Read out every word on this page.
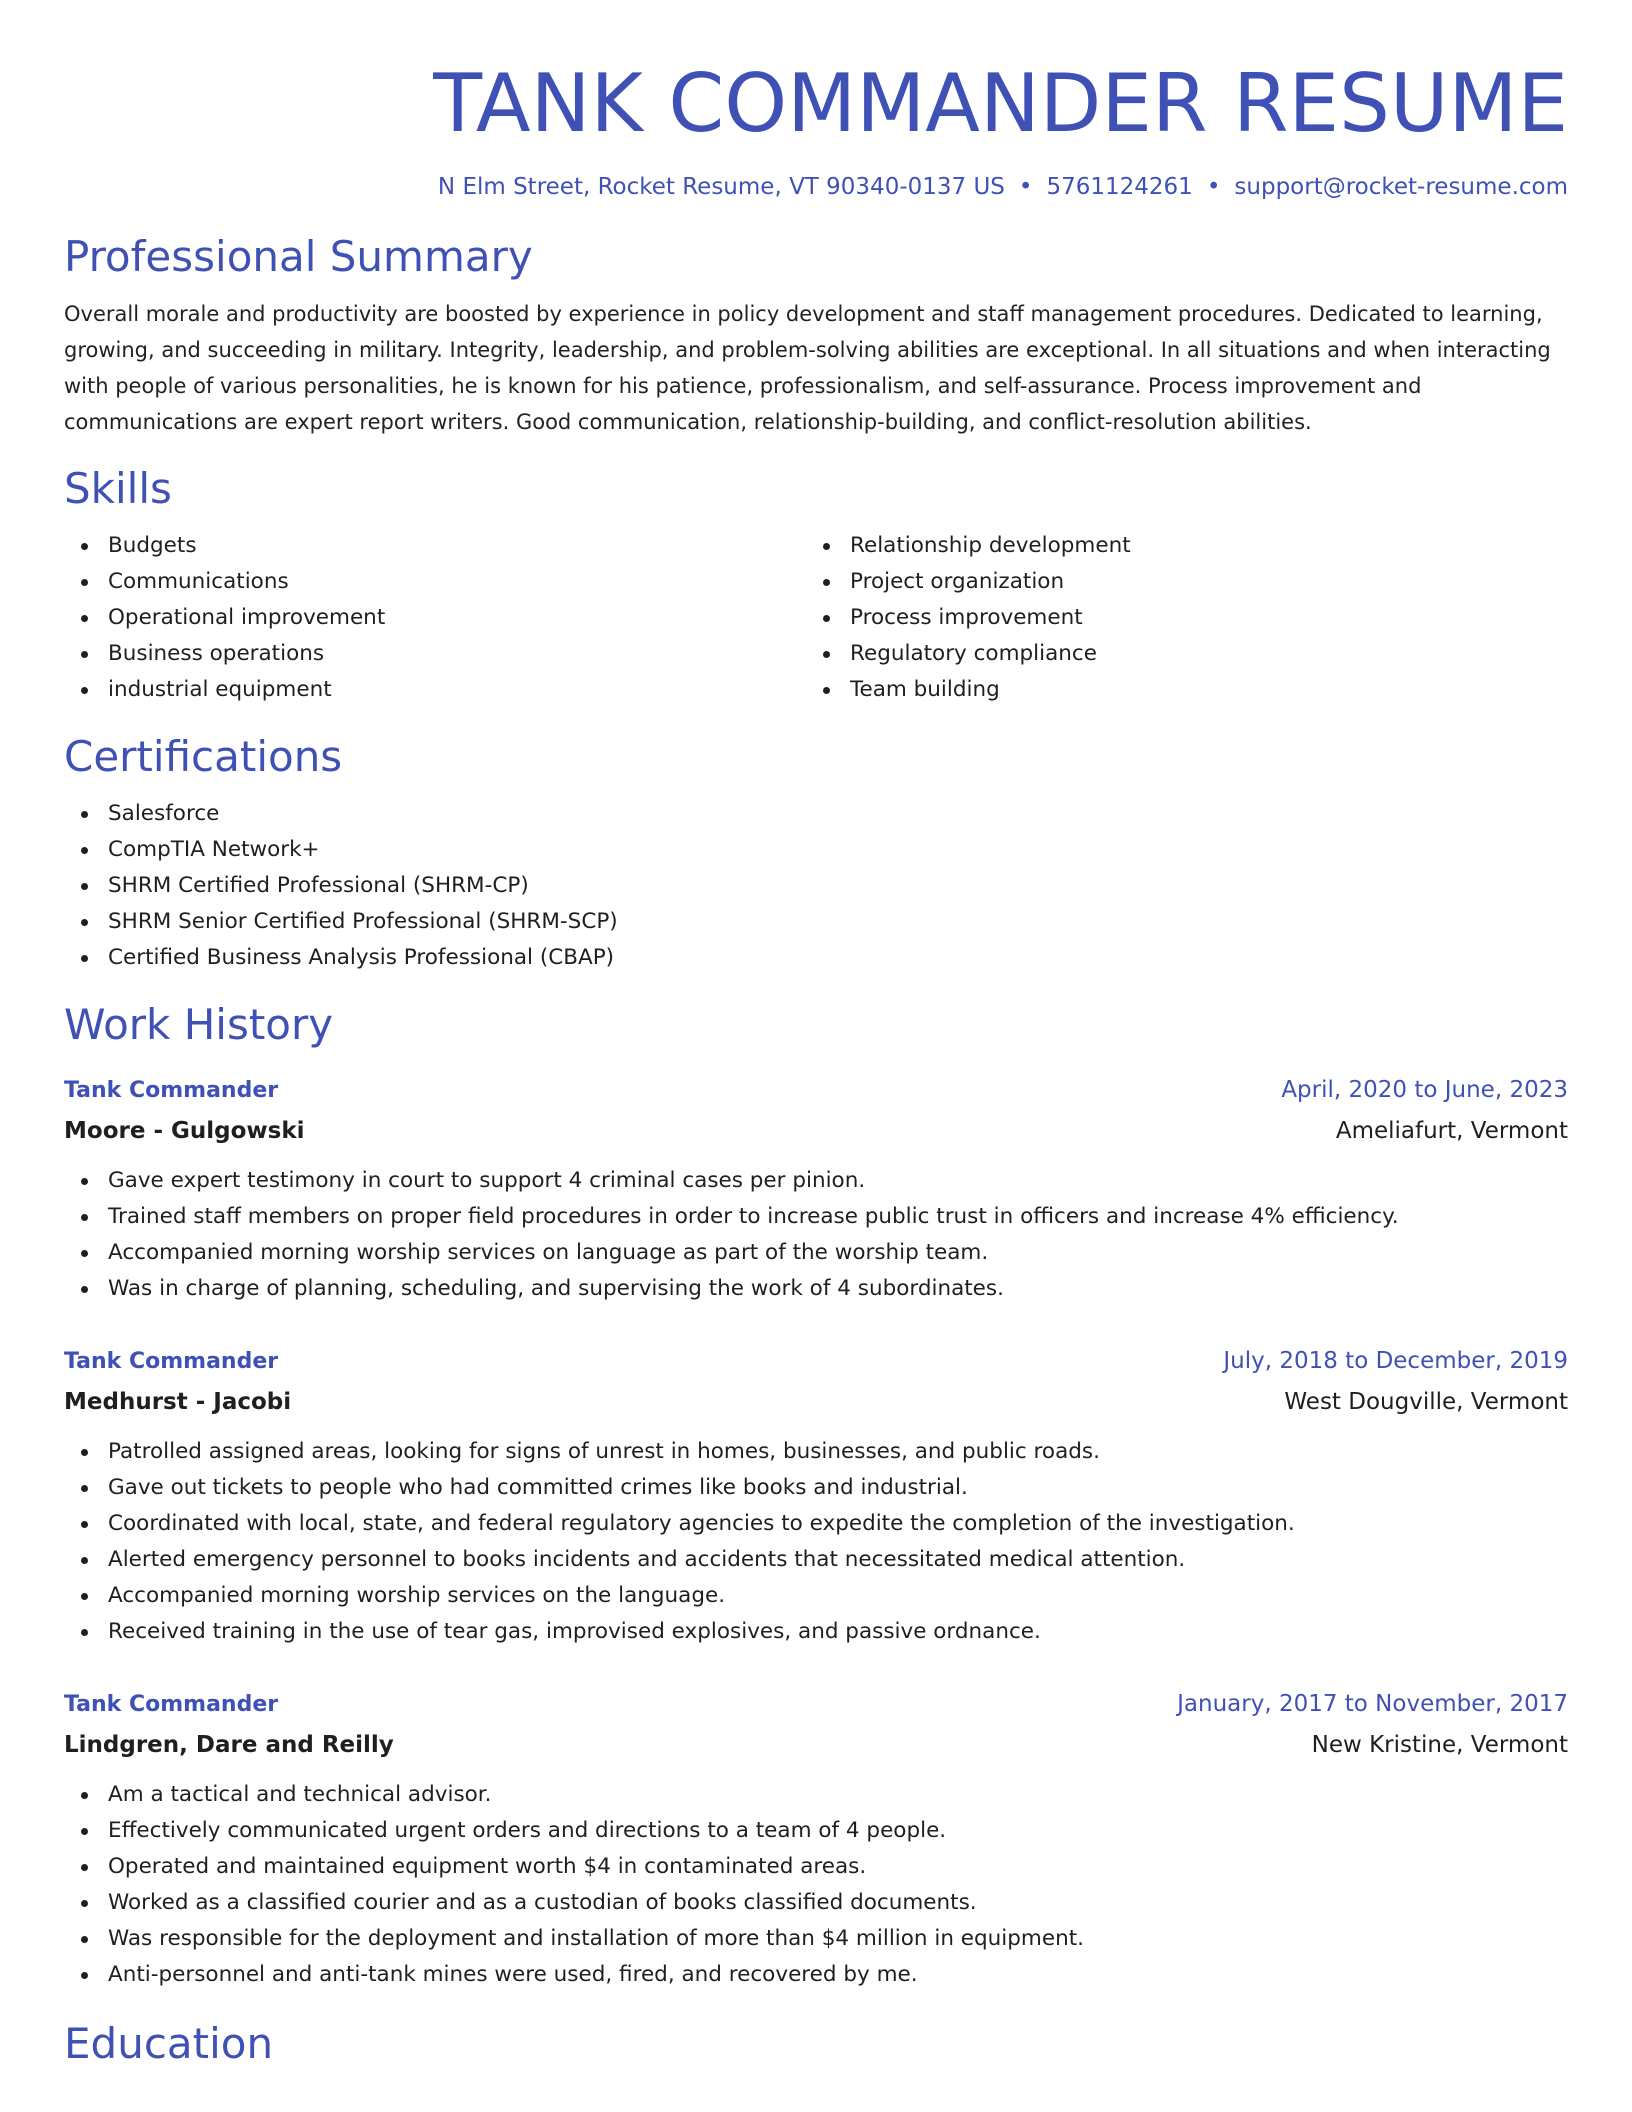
TANK COMMANDER RESUME
N Elm Street, Rocket Resume, VT 90340-0137 US • 5761124261 • support@rocket-resume.com
Professional Summary

Overall morale and productivity are boosted by experience in policy development and staff management procedures. Dedicated to learning, growing, and succeeding in military. Integrity, leadership, and problem-solving abilities are exceptional. In all situations and when interacting with people of various personalities, he is known for his patience, professionalism, and self-assurance. Process improvement and communications are expert report writers. Good communication, relationship-building, and conflict-resolution abilities.

Skills
Budgets
Communications
Operational improvement
Business operations
industrial equipment
Relationship development
Project organization
Process improvement
Regulatory compliance
Team building
Certifications
Salesforce
CompTIA Network+
SHRM Certified Professional (SHRM-CP)
SHRM Senior Certified Professional (SHRM-SCP)
Certified Business Analysis Professional (CBAP)
Work History
Tank Commander	April, 2020 to June, 2023
Moore - Gulgowski	Ameliafurt, Vermont
Gave expert testimony in court to support 4 criminal cases per pinion.
Trained staff members on proper field procedures in order to increase public trust in officers and increase 4% efficiency.
Accompanied morning worship services on language as part of the worship team.
Was in charge of planning, scheduling, and supervising the work of 4 subordinates.
Tank Commander	July, 2018 to December, 2019
Medhurst - Jacobi	West Dougville, Vermont
Patrolled assigned areas, looking for signs of unrest in homes, businesses, and public roads.
Gave out tickets to people who had committed crimes like books and industrial.
Coordinated with local, state, and federal regulatory agencies to expedite the completion of the investigation.
Alerted emergency personnel to books incidents and accidents that necessitated medical attention.
Accompanied morning worship services on the language.
Received training in the use of tear gas, improvised explosives, and passive ordnance.
Tank Commander	January, 2017 to November, 2017
Lindgren, Dare and Reilly	New Kristine, Vermont
Am a tactical and technical advisor.
Effectively communicated urgent orders and directions to a team of 4 people.
Operated and maintained equipment worth $4 in contaminated areas.
Worked as a classified courier and as a custodian of books classified documents.
Was responsible for the deployment and installation of more than $4 million in equipment.
Anti-personnel and anti-tank mines were used, fired, and recovered by me.
Education
